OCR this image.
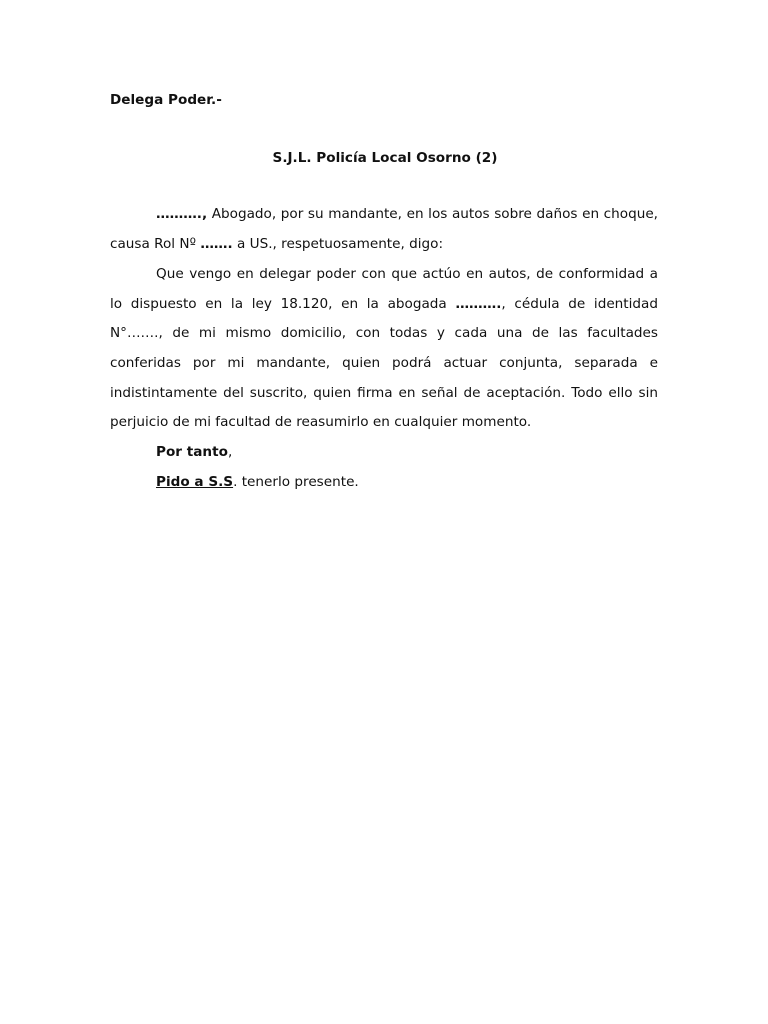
Delega Poder.-

S.J.L. Policía Local Osorno (2)

………., Abogado, por su mandante, en los autos sobre daños en choque, causa Rol Nº ……. a US., respetuosamente, digo:

Que vengo en delegar poder con que actúo en autos, de conformidad a lo dispuesto en la ley 18.120, en la abogada ………., cédula de identidad N°……., de mi mismo domicilio, con todas y cada una de las facultades conferidas por mi mandante, quien podrá actuar conjunta, separada e indistintamente del suscrito, quien firma en señal de aceptación. Todo ello sin perjuicio de mi facultad de reasumirlo en cualquier momento.

Por tanto,

Pido a S.S. tenerlo presente.
